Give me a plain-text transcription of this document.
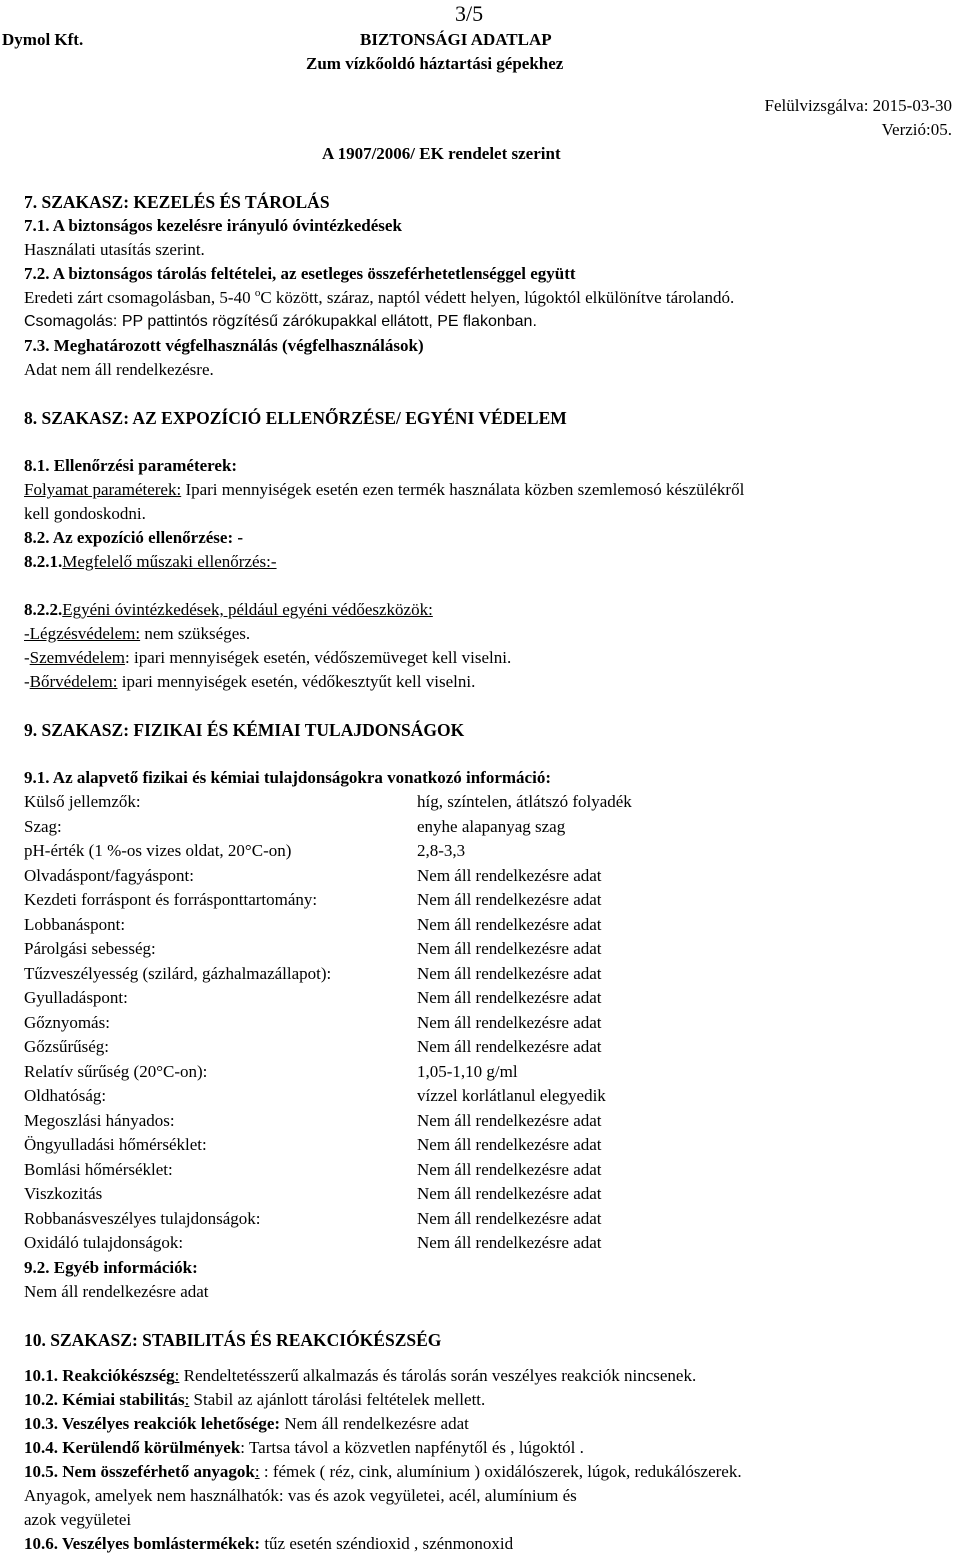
3/5
Dymol Kft.	BIZTONSÁGI ADATLAP
Zum vízkőoldó háztartási gépekhez
Felülvizsgálva: 2015-03-30
Verzió:05.
A 1907/2006/ EK rendelet szerint
7. SZAKASZ: KEZELÉS ÉS TÁROLÁS
7.1. A biztonságos kezelésre irányuló óvintézkedések
Használati utasítás szerint.
7.2. A biztonságos tárolás feltételei, az esetleges összeférhetetlenséggel együtt
Eredeti zárt csomagolásban, 5-40 $^o$C között, száraz, naptól védett helyen, lúgoktól elkülönítve tárolandó.
Csomagolás: PP pattintós rögzítésű zárókupakkal ellátott, PE flakonban.
7.3. Meghatározott végfelhasználás (végfelhasználások)
Adat nem áll rendelkezésre.
8. SZAKASZ: AZ EXPOZÍCIÓ ELLENŐRZÉSE/ EGYÉNI VÉDELEM
8.1. Ellenőrzési paraméterek:
Folyamat paraméterek: Ipari mennyiségek esetén ezen termék használata közben szemlemosó készülékről
kell gondoskodni.
8.2. Az expozíció ellenőrzése: -
8.2.1.Megfelelő műszaki ellenőrzés:-
8.2.2.Egyéni óvintézkedések, például egyéni védőeszközök:
-Légzésvédelem: nem szükséges.
-Szemvédelem: ipari mennyiségek esetén, védőszemüveget kell viselni.
-Bőrvédelem: ipari mennyiségek esetén, védőkesztyűt kell viselni.
9. SZAKASZ: FIZIKAI ÉS KÉMIAI TULAJDONSÁGOK
9.1. Az alapvető fizikai és kémiai tulajdonságokra vonatkozó információ:
Külső jellemzők:	híg, színtelen, átlátszó folyadék
Szag:	enyhe alapanyag szag
pH-érték (1 %-os vizes oldat, 20°C-on)	2,8-3,3
Olvadáspont/fagyáspont:	Nem áll rendelkezésre adat
Kezdeti forráspont és forrásponttartomány:	Nem áll rendelkezésre adat
Lobbanáspont:	Nem áll rendelkezésre adat
Párolgási sebesség:	Nem áll rendelkezésre adat
Tűzveszélyesség (szilárd, gázhalmazállapot):	Nem áll rendelkezésre adat
Gyulladáspont:	Nem áll rendelkezésre adat
Gőznyomás:	Nem áll rendelkezésre adat
Gőzsűrűség:	Nem áll rendelkezésre adat
Relatív sűrűség (20°C-on):	1,05-1,10 g/ml
Oldhatóság:	vízzel korlátlanul elegyedik
Megoszlási hányados:	Nem áll rendelkezésre adat
Öngyulladási hőmérséklet:	Nem áll rendelkezésre adat
Bomlási hőmérséklet:	Nem áll rendelkezésre adat
Viszkozitás	Nem áll rendelkezésre adat
Robbanásveszélyes tulajdonságok:	Nem áll rendelkezésre adat
Oxidáló tulajdonságok:	Nem áll rendelkezésre adat
9.2. Egyéb információk:
Nem áll rendelkezésre adat
10. SZAKASZ: STABILITÁS ÉS REAKCIÓKÉSZSÉG
10.1. Reakciókészség: Rendeltetésszerű alkalmazás és tárolás során veszélyes reakciók nincsenek.
10.2. Kémiai stabilitás: Stabil az ajánlott tárolási feltételek mellett.
10.3. Veszélyes reakciók lehetősége: Nem áll rendelkezésre adat
10.4. Kerülendő körülmények: Tartsa távol a közvetlen napfénytől és , lúgoktól .
10.5. Nem összeférhető anyagok: : fémek ( réz, cink, alumínium ) oxidálószerek, lúgok, redukálószerek.
Anyagok, amelyek nem használhatók: vas és azok vegyületei, acél, alumínium és
azok vegyületei
10.6. Veszélyes bomlástermékek: tűz esetén széndioxid , szénmonoxid
